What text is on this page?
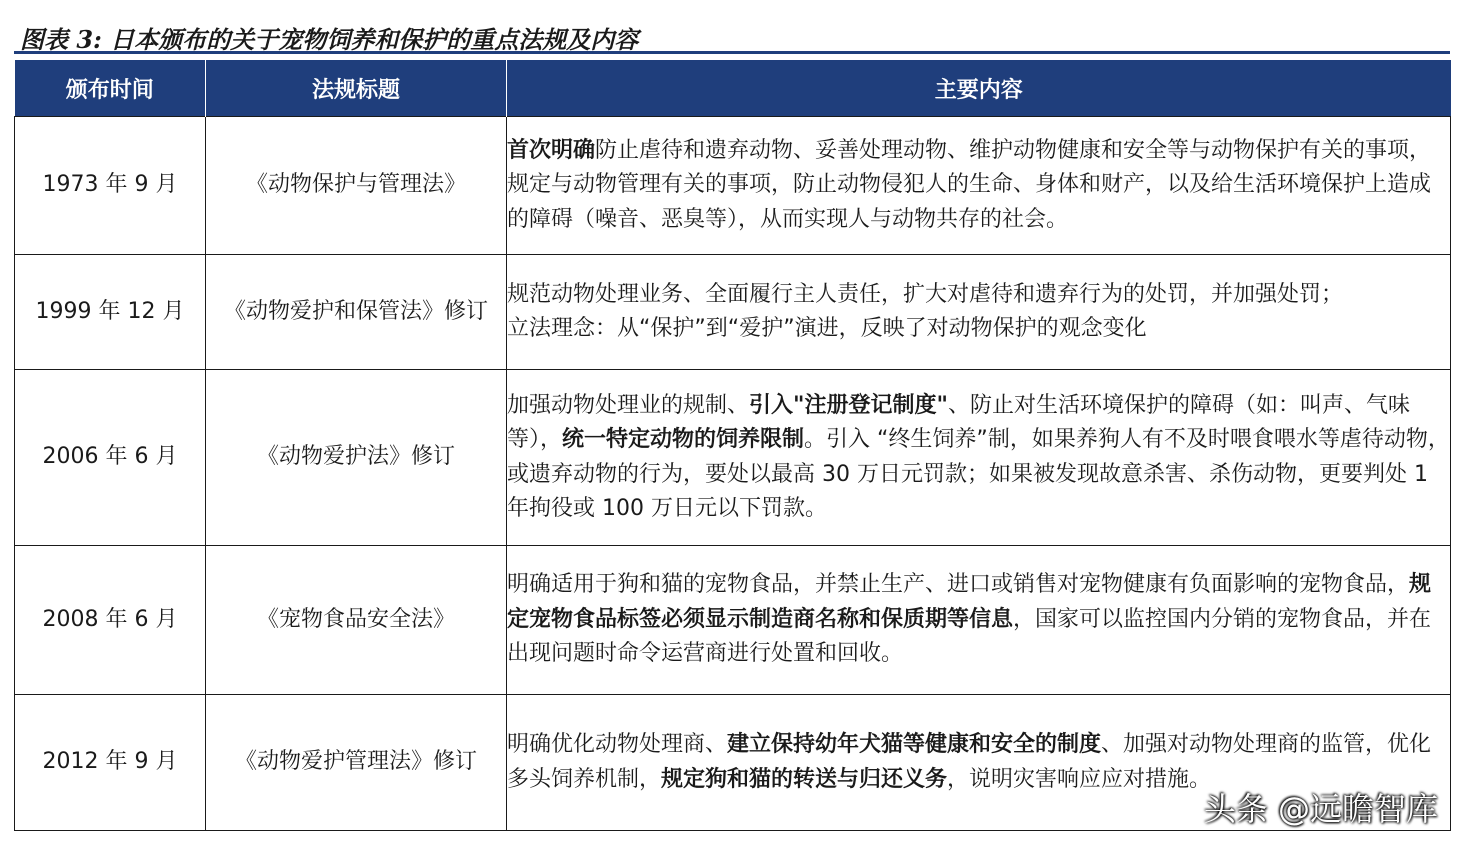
图表 3: 日本颁布的关于宠物饲养和保护的重点法规及内容
颁布时间	法规标题	主要内容
1973 年 9 月	《动物保护与管理法》	首次明确防止虐待和遗弃动物、妥善处理动物、维护动物健康和安全等与动物保护有关的事项，规定与动物管理有关的事项，防止动物侵犯人的生命、身体和财产，以及给生活环境保护上造成的障碍（噪音、恶臭等），从而实现人与动物共存的社会。
1999 年 12 月	《动物爱护和保管法》修订	规范动物处理业务、全面履行主人责任，扩大对虐待和遗弃行为的处罚，并加强处罚；
立法理念：从“保护”到“爱护”演进，反映了对动物保护的观念变化
2006 年 6 月	《动物爱护法》修订	加强动物处理业的规制、引入"注册登记制度"、防止对生活环境保护的障碍（如：叫声、气味等），统一特定动物的饲养限制。引入 “终生饲养”制，如果养狗人有不及时喂食喂水等虐待动物，或遗弃动物的行为，要处以最高 30 万日元罚款；如果被发现故意杀害、杀伤动物，更要判处 1 年拘役或 100 万日元以下罚款。
2008 年 6 月	《宠物食品安全法》	明确适用于狗和猫的宠物食品，并禁止生产、进口或销售对宠物健康有负面影响的宠物食品，规定宠物食品标签必须显示制造商名称和保质期等信息，国家可以监控国内分销的宠物食品，并在出现问题时命令运营商进行处置和回收。
2012 年 9 月	《动物爱护管理法》修订	明确优化动物处理商、建立保持幼年犬猫等健康和安全的制度、加强对动物处理商的监管，优化多头饲养机制，规定狗和猫的转送与归还义务，说明灾害响应应对措施。
头条 @远瞻智库
